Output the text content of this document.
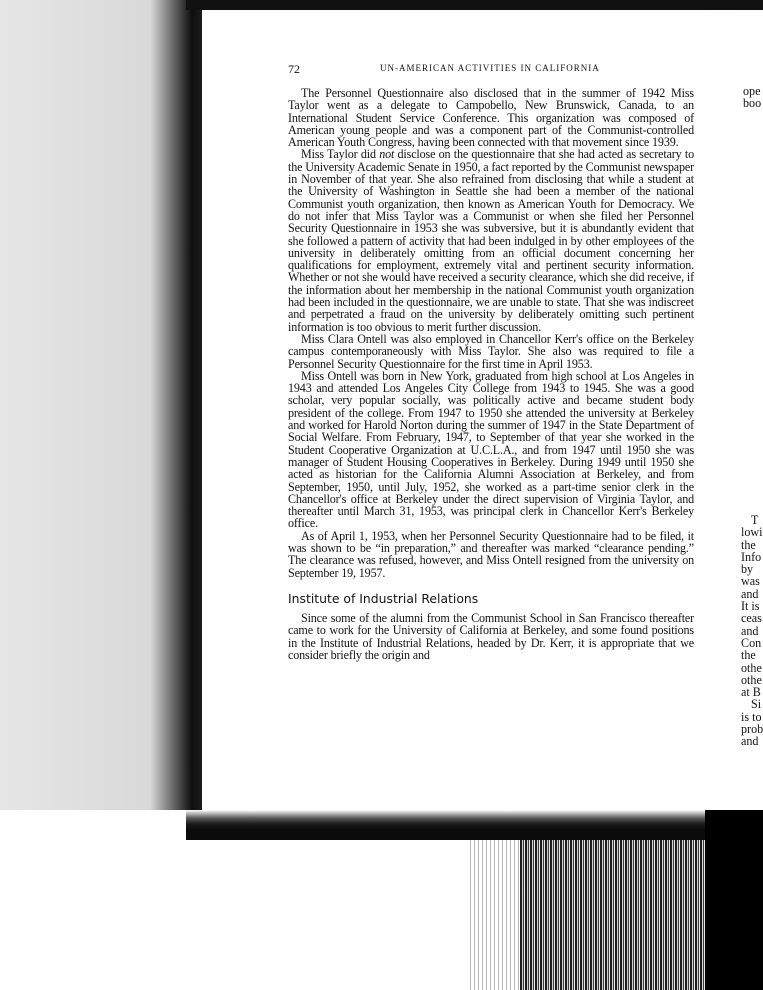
72	UN-AMERICAN ACTIVITIES IN CALIFORNIA

The Personnel Questionnaire also disclosed that in the summer of 1942 Miss Taylor went as a delegate to Campobello, New Brunswick, Canada, to an International Student Service Conference. This organization was composed of American young people and was a component part of the Communist-controlled American Youth Congress, having been connected with that movement since 1939.

Miss Taylor did not disclose on the questionnaire that she had acted as secretary to the University Academic Senate in 1950, a fact reported by the Communist newspaper in November of that year. She also refrained from disclosing that while a student at the University of Washington in Seattle she had been a member of the national Communist youth organization, then known as American Youth for Democracy. We do not infer that Miss Taylor was a Communist or when she filed her Personnel Security Questionnaire in 1953 she was subversive, but it is abundantly evident that she followed a pattern of activity that had been indulged in by other employees of the university in deliberately omitting from an official document concerning her qualifications for employment, extremely vital and pertinent security information. Whether or not she would have received a security clearance, which she did receive, if the information about her membership in the national Communist youth organization had been included in the questionnaire, we are unable to state. That she was indiscreet and perpetrated a fraud on the university by deliberately omitting such pertinent information is too obvious to merit further discussion.

Miss Clara Ontell was also employed in Chancellor Kerr's office on the Berkeley campus contemporaneously with Miss Taylor. She also was required to file a Personnel Security Questionnaire for the first time in April 1953.

Miss Ontell was born in New York, graduated from high school at Los Angeles in 1943 and attended Los Angeles City College from 1943 to 1945. She was a good scholar, very popular socially, was politically active and became student body president of the college. From 1947 to 1950 she attended the university at Berkeley and worked for Harold Norton during the summer of 1947 in the State Department of Social Welfare. From February, 1947, to September of that year she worked in the Student Cooperative Organization at U.C.L.A., and from 1947 until 1950 she was manager of Student Housing Cooperatives in Berkeley. During 1949 until 1950 she acted as historian for the California Alumni Association at Berkeley, and from September, 1950, until July, 1952, she worked as a part-time senior clerk in the Chancellor's office at Berkeley under the direct supervision of Virginia Taylor, and thereafter until March 31, 1953, was principal clerk in Chancellor Kerr's Berkeley office.

As of April 1, 1953, when her Personnel Security Questionnaire had to be filed, it was shown to be “in preparation,” and thereafter was marked “clearance pending.” The clearance was refused, however, and Miss Ontell resigned from the university on September 19, 1957.

Institute of Industrial Relations

Since some of the alumni from the Communist School in San Francisco thereafter came to work for the University of California at Berkeley, and some found positions in the Institute of Industrial Relations, headed by Dr. Kerr, it is appropriate that we consider briefly the origin and

ope
boo
T
lowi
the
Info
by
was
and
It is
ceas
and
Con
the
othe
othe
at B
Si
is to
prob
and
